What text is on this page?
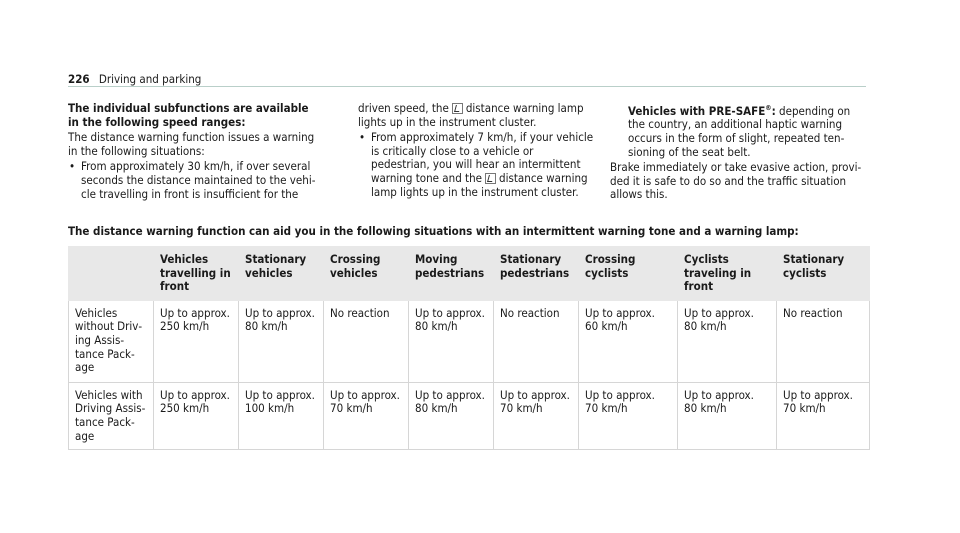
226 Driving and parking

The individual subfunctions are available in the following speed ranges:

The distance warning function issues a warning in the following situations:

• From approximately 30 km/h, if over several seconds the distance maintained to the vehicle travelling in front is insufficient for the

driven speed, the distance warning lamp lights up in the instrument cluster.

• From approximately 7 km/h, if your vehicle is critically close to a vehicle or pedestrian, you will hear an intermittent warning tone and the distance warning lamp lights up in the instrument cluster.

Vehicles with PRE-SAFE®: depending on the country, an additional haptic warning occurs in the form of slight, repeated tensioning of the seat belt.

Brake immediately or take evasive action, provided it is safe to do so and the traffic situation allows this.

The distance warning function can aid you in the following situations with an intermittent warning tone and a warning lamp:
	Vehicles travelling in front	Stationary vehicles	Crossing vehicles	Moving pedestrians	Stationary pedestrians	Crossing cyclists	Cyclists traveling in front	Stationary cyclists
Vehicles without Driving Assistance Package	Up to approx. 250 km/h	Up to approx. 80 km/h	No reaction	Up to approx. 80 km/h	No reaction	Up to approx. 60 km/h	Up to approx. 80 km/h	No reaction
Vehicles with Driving Assistance Package	Up to approx. 250 km/h	Up to approx. 100 km/h	Up to approx. 70 km/h	Up to approx. 80 km/h	Up to approx. 70 km/h	Up to approx. 70 km/h	Up to approx. 80 km/h	Up to approx. 70 km/h
